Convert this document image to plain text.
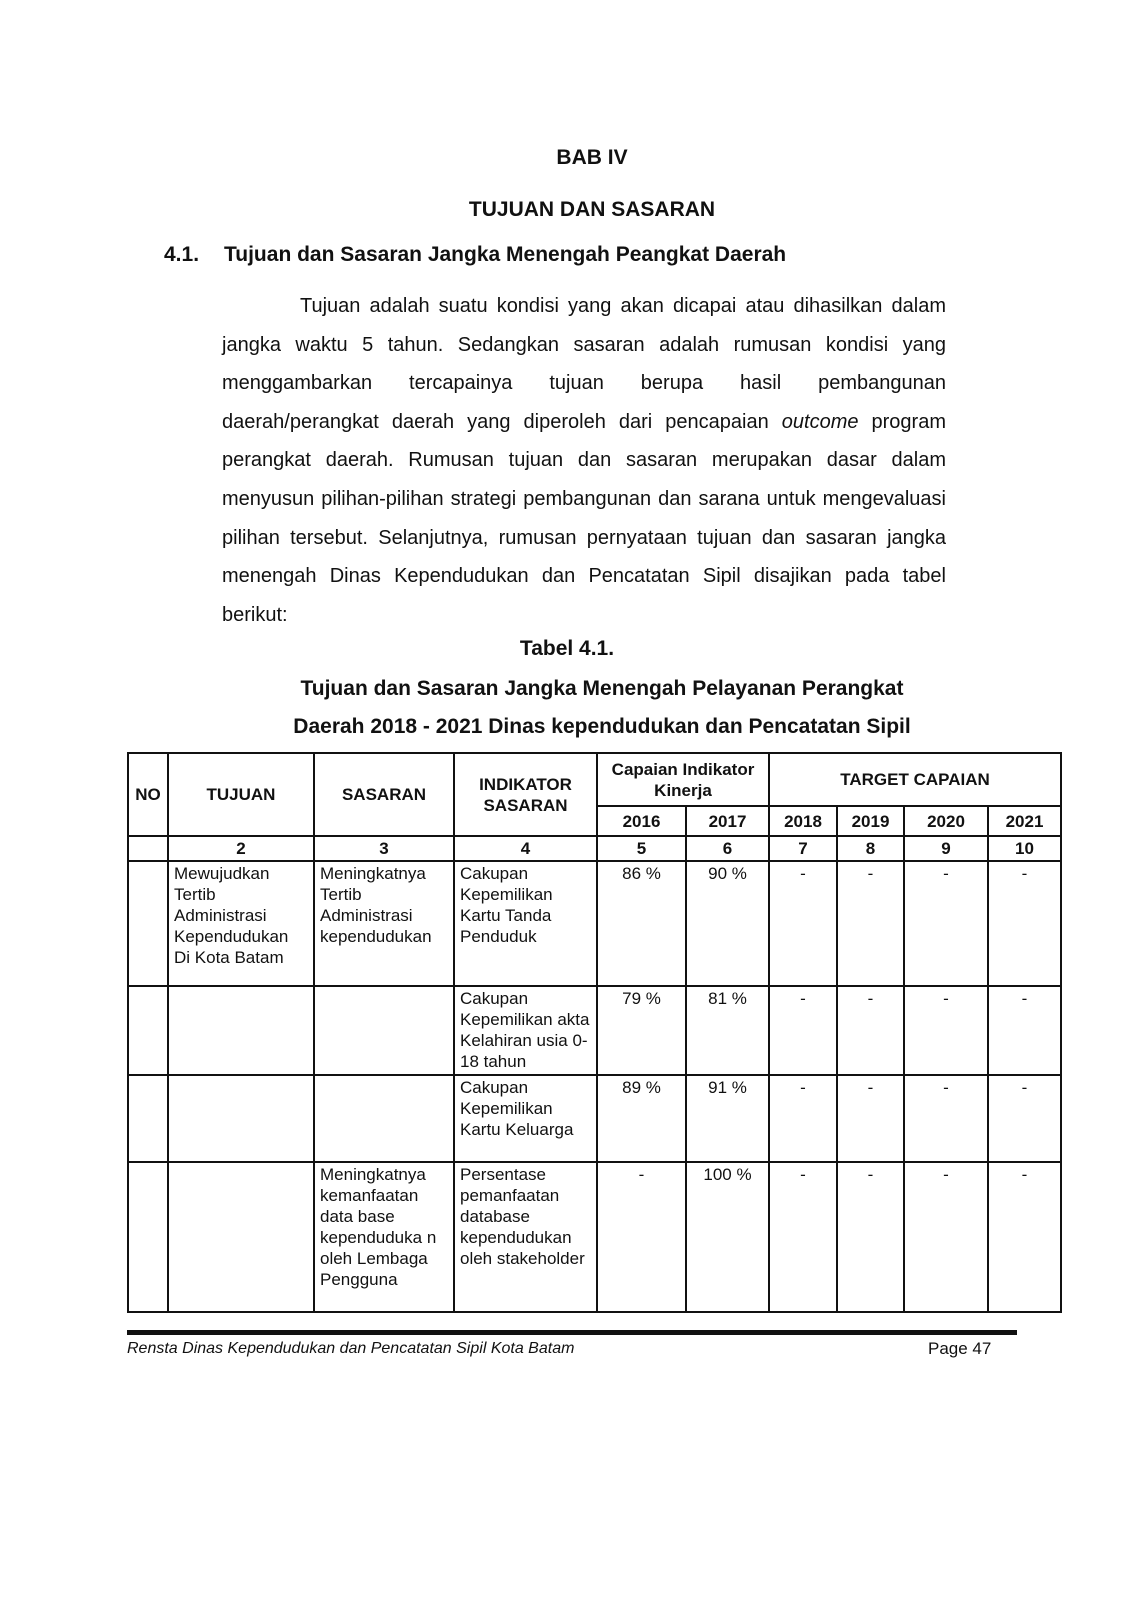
BAB IV
TUJUAN DAN SASARAN
4.1. Tujuan dan Sasaran Jangka Menengah Peangkat Daerah

Tujuan adalah suatu kondisi yang akan dicapai atau dihasilkan dalam jangka waktu 5 tahun. Sedangkan sasaran adalah rumusan kondisi yang menggambarkan tercapainya tujuan berupa hasil pembangunan daerah/perangkat daerah yang diperoleh dari pencapaian outcome program perangkat daerah. Rumusan tujuan dan sasaran merupakan dasar dalam menyusun pilihan-pilihan strategi pembangunan dan sarana untuk mengevaluasi pilihan tersebut. Selanjutnya, rumusan pernyataan tujuan dan sasaran jangka menengah Dinas Kependudukan dan Pencatatan Sipil disajikan pada tabel berikut:

Tabel 4.1.
Tujuan dan Sasaran Jangka Menengah Pelayanan Perangkat
Daerah 2018 - 2021 Dinas kependudukan dan Pencatatan Sipil
NO	TUJUAN	SASARAN	INDIKATOR SASARAN	Capaian Indikator Kinerja		TARGET CAPAIAN			
				2016	2017	2018	2019	2020	2021
	2	3	4	5	6	7	8	9	10
	Mewujudkan Tertib Administrasi Kependudukan Di Kota Batam	Meningkatnya Tertib Administrasi kependudukan	Cakupan Kepemilikan Kartu Tanda Penduduk	86 %	90 %	-	-	-	-
			Cakupan Kepemilikan akta Kelahiran usia 0-18 tahun	79 %	81 %	-	-	-	-
			Cakupan Kepemilikan Kartu Keluarga	89 %	91 %	-	-	-	-
		Meningkatnya kemanfaatan data base kependuduka n oleh Lembaga Pengguna	Persentase pemanfaatan database kependudukan oleh stakeholder	-	100 %	-	-	-	-
Rensta Dinas Kependudukan dan Pencatatan Sipil Kota Batam	Page 47
